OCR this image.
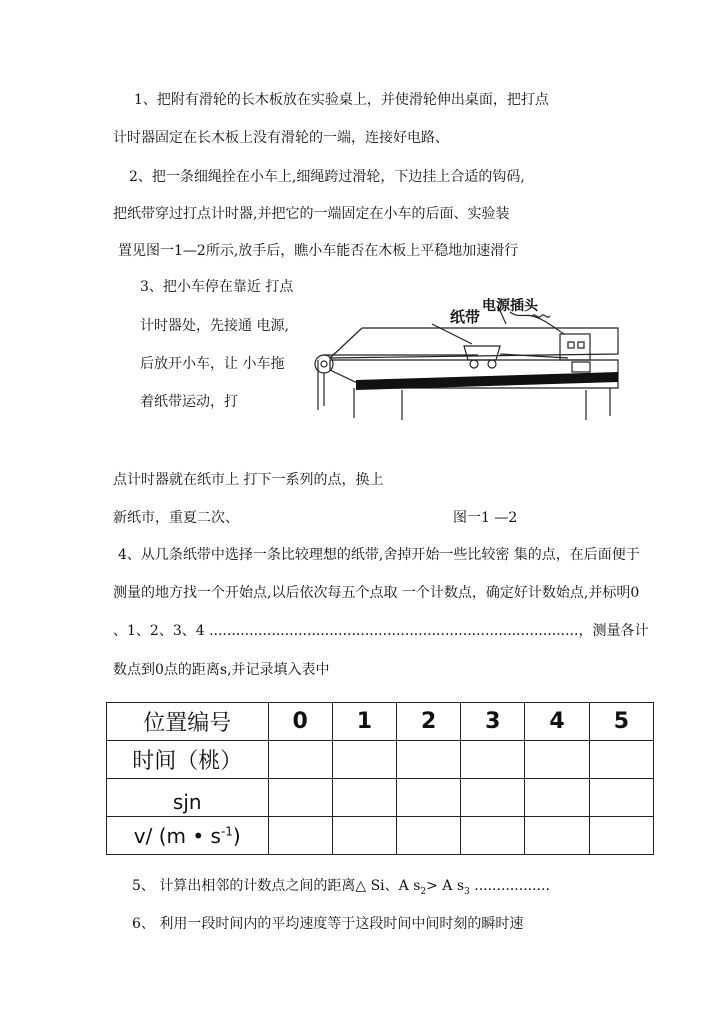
1、把附有滑轮的长木板放在实验桌上，并使滑轮伸出桌面，把打点
计时器固定在长木板上没有滑轮的一端，连接好电路、
2、把一条细绳拴在小车上,细绳跨过滑轮，下边挂上合适的钩码,
把纸带穿过打点计时器,并把它的一端固定在小车的后面、实验装
置见图一1—2所示,放手后，瞧小车能否在木板上平稳地加速滑行
3、把小车停在靠近 打点
计时器处，先接通 电源,
后放开小车，让 小车拖
着纸带运动，打
纸带
电源插头
点计时器就在纸市上 打下一系列的点，换上
新纸市，重夏二次、	图一1 —2
4、从几条纸带中选择一条比较理想的纸带,舍掉开始一些比较密 集的点，在后面便于
测量的地方找一个开始点,以后依次每五个点取 一个计数点，确定好计数始点,并标明0
、1、2、3、4 ...................................................................................，测量各计
数点到0点的距离s,并记录填入表中
位置编号	0	1	2	3	4	5
时间（桃）						
sjn						
v/ (m • $s^{-1}$)						
5、 计算出相邻的计数点之间的距离△ Si、A $s_2> A$ $s_3$ .................
6、 利用一段时间内的平均速度等于这段时间中间时刻的瞬时速
